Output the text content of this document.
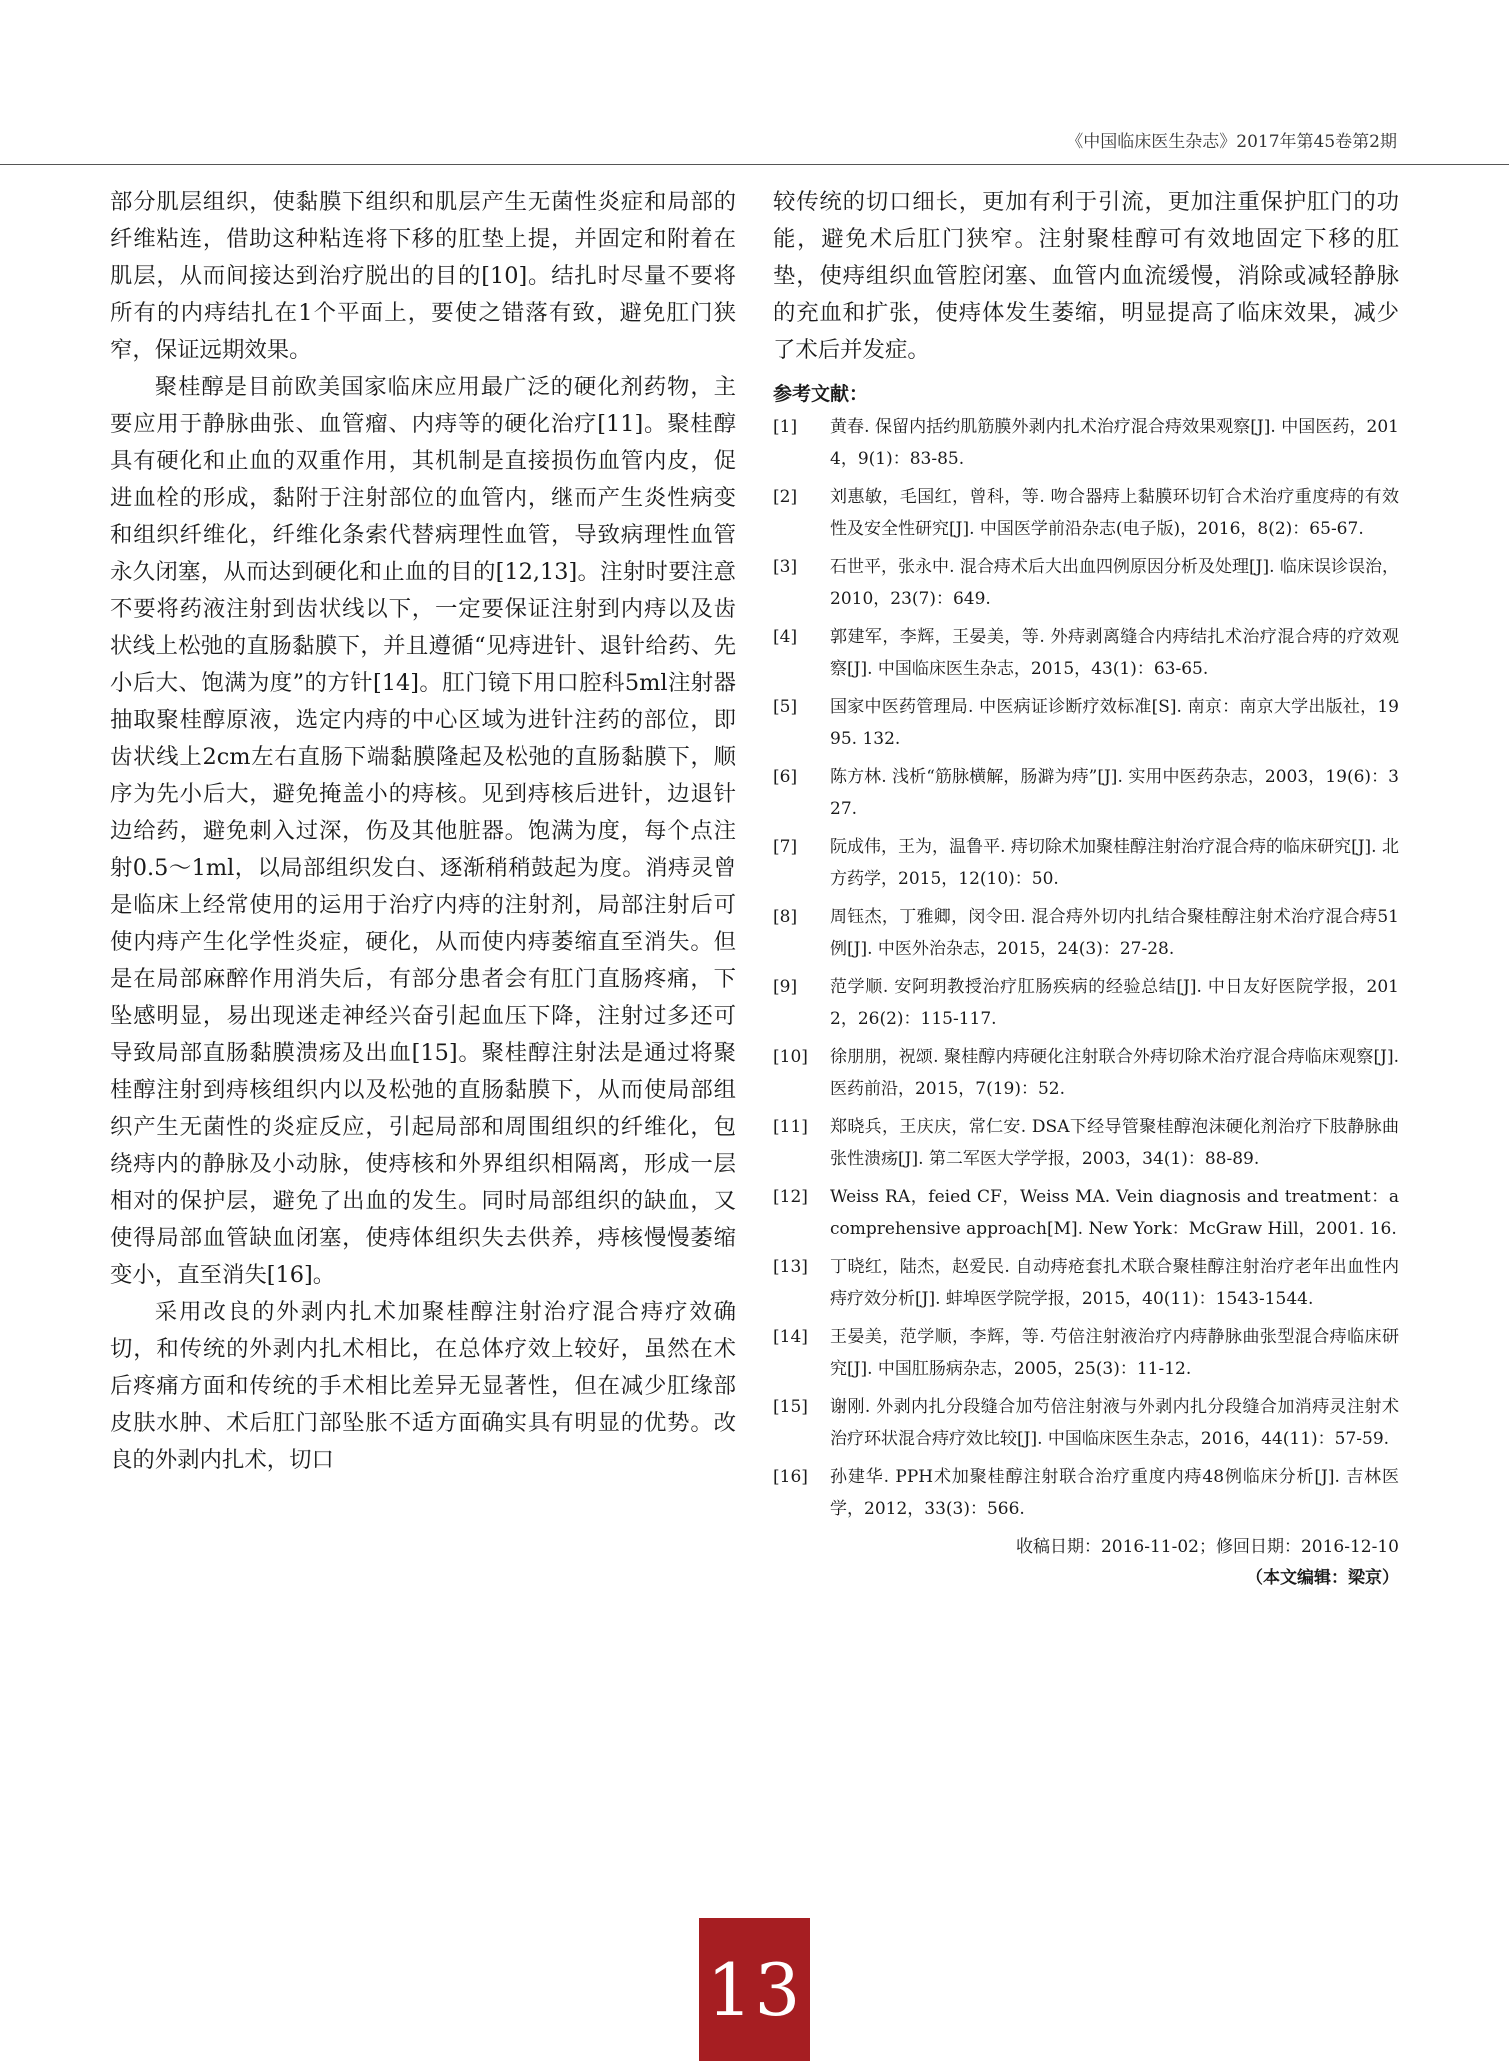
《中国临床医生杂志》2017年第45卷第2期

部分肌层组织，使黏膜下组织和肌层产生无菌性炎症和局部的纤维粘连，借助这种粘连将下移的肛垫上提，并固定和附着在肌层，从而间接达到治疗脱出的目的[10]。结扎时尽量不要将所有的内痔结扎在1个平面上，要使之错落有致，避免肛门狭窄，保证远期效果。

聚桂醇是目前欧美国家临床应用最广泛的硬化剂药物，主要应用于静脉曲张、血管瘤、内痔等的硬化治疗[11]。聚桂醇具有硬化和止血的双重作用，其机制是直接损伤血管内皮，促进血栓的形成，黏附于注射部位的血管内，继而产生炎性病变和组织纤维化，纤维化条索代替病理性血管，导致病理性血管永久闭塞，从而达到硬化和止血的目的[12,13]。注射时要注意不要将药液注射到齿状线以下，一定要保证注射到内痔以及齿状线上松弛的直肠黏膜下，并且遵循“见痔进针、退针给药、先小后大、饱满为度”的方针[14]。肛门镜下用口腔科5ml注射器抽取聚桂醇原液，选定内痔的中心区域为进针注药的部位，即齿状线上2cm左右直肠下端黏膜隆起及松弛的直肠黏膜下，顺序为先小后大，避免掩盖小的痔核。见到痔核后进针，边退针边给药，避免刺入过深，伤及其他脏器。饱满为度，每个点注射0.5～1ml，以局部组织发白、逐渐稍稍鼓起为度。消痔灵曾是临床上经常使用的运用于治疗内痔的注射剂，局部注射后可使内痔产生化学性炎症，硬化，从而使内痔萎缩直至消失。但是在局部麻醉作用消失后，有部分患者会有肛门直肠疼痛，下坠感明显，易出现迷走神经兴奋引起血压下降，注射过多还可导致局部直肠黏膜溃疡及出血[15]。聚桂醇注射法是通过将聚桂醇注射到痔核组织内以及松弛的直肠黏膜下，从而使局部组织产生无菌性的炎症反应，引起局部和周围组织的纤维化，包绕痔内的静脉及小动脉，使痔核和外界组织相隔离，形成一层相对的保护层，避免了出血的发生。同时局部组织的缺血，又使得局部血管缺血闭塞，使痔体组织失去供养，痔核慢慢萎缩变小，直至消失[16]。

采用改良的外剥内扎术加聚桂醇注射治疗混合痔疗效确切，和传统的外剥内扎术相比，在总体疗效上较好，虽然在术后疼痛方面和传统的手术相比差异无显著性，但在减少肛缘部皮肤水肿、术后肛门部坠胀不适方面确实具有明显的优势。改良的外剥内扎术，切口

较传统的切口细长，更加有利于引流，更加注重保护肛门的功能，避免术后肛门狭窄。注射聚桂醇可有效地固定下移的肛垫，使痔组织血管腔闭塞、血管内血流缓慢，消除或减轻静脉的充血和扩张，使痔体发生萎缩，明显提高了临床效果，减少了术后并发症。

参考文献：
[1]	黄春. 保留内括约肌筋膜外剥内扎术治疗混合痔效果观察[J]. 中国医药，2014，9(1)：83-85.
[2]	刘惠敏，毛国红，曾科，等. 吻合器痔上黏膜环切钉合术治疗重度痔的有效性及安全性研究[J]. 中国医学前沿杂志(电子版)，2016，8(2)：65-67.
[3]	石世平，张永中. 混合痔术后大出血四例原因分析及处理[J]. 临床误诊误治，2010，23(7)：649.
[4]	郭建军，李辉，王晏美，等. 外痔剥离缝合内痔结扎术治疗混合痔的疗效观察[J]. 中国临床医生杂志，2015，43(1)：63-65.
[5]	国家中医药管理局. 中医病证诊断疗效标准[S]. 南京：南京大学出版社，1995. 132.
[6]	陈方林. 浅析“筋脉横解，肠澼为痔”[J]. 实用中医药杂志，2003，19(6)：327.
[7]	阮成伟，王为，温鲁平. 痔切除术加聚桂醇注射治疗混合痔的临床研究[J]. 北方药学，2015，12(10)：50.
[8]	周钰杰，丁雅卿，闵令田. 混合痔外切内扎结合聚桂醇注射术治疗混合痔51例[J]. 中医外治杂志，2015，24(3)：27-28.
[9]	范学顺. 安阿玥教授治疗肛肠疾病的经验总结[J]. 中日友好医院学报，2012，26(2)：115-117.
[10]	徐朋朋，祝颂. 聚桂醇内痔硬化注射联合外痔切除术治疗混合痔临床观察[J]. 医药前沿，2015，7(19)：52.
[11]	郑晓兵，王庆庆，常仁安. DSA下经导管聚桂醇泡沫硬化剂治疗下肢静脉曲张性溃疡[J]. 第二军医大学学报，2003，34(1)：88-89.
[12]	Weiss RA，feied CF，Weiss MA. Vein diagnosis and treatment：a comprehensive approach[M]. New York：McGraw Hill，2001. 16.
[13]	丁晓红，陆杰，赵爱民. 自动痔疮套扎术联合聚桂醇注射治疗老年出血性内痔疗效分析[J]. 蚌埠医学院学报，2015，40(11)：1543-1544.
[14]	王晏美，范学顺，李辉，等. 芍倍注射液治疗内痔静脉曲张型混合痔临床研究[J]. 中国肛肠病杂志，2005，25(3)：11-12.
[15]	谢刚. 外剥内扎分段缝合加芍倍注射液与外剥内扎分段缝合加消痔灵注射术治疗环状混合痔疗效比较[J]. 中国临床医生杂志，2016，44(11)：57-59.
[16]	孙建华. PPH术加聚桂醇注射联合治疗重度内痔48例临床分析[J]. 吉林医学，2012，33(3)：566.
收稿日期：2016-11-02；修回日期：2016-12-10
（本文编辑：梁京）
13
